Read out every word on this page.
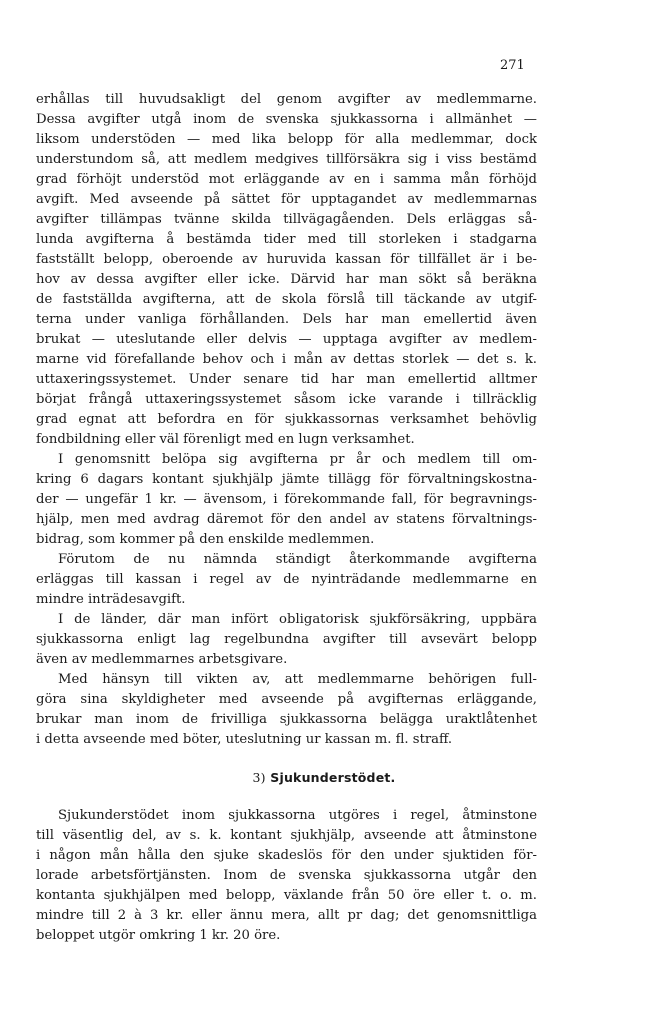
271
erhållas till huvudsakligt del genom avgifter av medlemmarne.
Dessa avgifter utgå inom de svenska sjukkassorna i allmänhet —
liksom understöden — med lika belopp för alla medlemmar, dock
understundom så, att medlem medgives tillförsäkra sig i viss bestämd
grad förhöjt understöd mot erläggande av en i samma mån förhöjd
avgift. Med avseende på sättet för upptagandet av medlemmarnas
avgifter tillämpas tvänne skilda tillvägagåenden. Dels erläggas så-
lunda avgifterna å bestämda tider med till storleken i stadgarna
fastställt belopp, oberoende av huruvida kassan för tillfället är i be-
hov av dessa avgifter eller icke. Därvid har man sökt så beräkna
de fastställda avgifterna, att de skola förslå till täckande av utgif-
terna under vanliga förhållanden. Dels har man emellertid även
brukat — uteslutande eller delvis — upptaga avgifter av medlem-
marne vid förefallande behov och i mån av dettas storlek — det s. k.
uttaxeringssystemet. Under senare tid har man emellertid alltmer
börjat frångå uttaxeringssystemet såsom icke varande i tillräcklig
grad egnat att befordra en för sjukkassornas verksamhet behövlig
fondbildning eller väl förenligt med en lugn verksamhet.
I genomsnitt belöpa sig avgifterna pr år och medlem till om-
kring 6 dagars kontant sjukhjälp jämte tillägg för förvaltningskostna-
der — ungefär 1 kr. — ävensom, i förekommande fall, för begravnings-
hjälp, men med avdrag däremot för den andel av statens förvaltnings-
bidrag, som kommer på den enskilde medlemmen.
Förutom de nu nämnda ständigt återkommande avgifterna
erläggas till kassan i regel av de nyinträdande medlemmarne en
mindre inträdesavgift.
I de länder, där man infört obligatorisk sjukförsäkring, uppbära
sjukkassorna enligt lag regelbundna avgifter till avsevärt belopp
även av medlemmarnes arbetsgivare.
Med hänsyn till vikten av, att medlemmarne behörigen full-
göra sina skyldigheter med avseende på avgifternas erläggande,
brukar man inom de frivilliga sjukkassorna belägga uraktlåtenhet
i detta avseende med böter, uteslutning ur kassan m. fl. straff.
3) Sjukunderstödet.
Sjukunderstödet inom sjukkassorna utgöres i regel, åtminstone
till väsentlig del, av s. k. kontant sjukhjälp, avseende att åtminstone
i någon mån hålla den sjuke skadeslös för den under sjuktiden för-
lorade arbetsförtjänsten. Inom de svenska sjukkassorna utgår den
kontanta sjukhjälpen med belopp, växlande från 50 öre eller t. o. m.
mindre till 2 à 3 kr. eller ännu mera, allt pr dag; det genomsnittliga
beloppet utgör omkring 1 kr. 20 öre.
